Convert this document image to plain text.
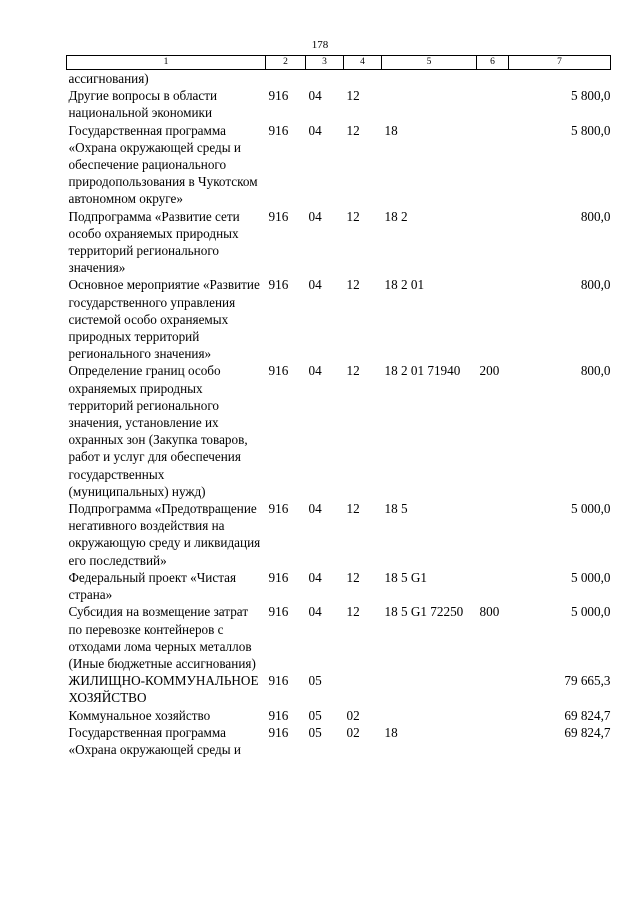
178
1	2	3	4	5	6	7
ассигнования)						
Другие вопросы в области национальной экономики	916	04	12			5 800,0
Государственная программа «Охрана окружающей среды и обеспечение рационального природопользования в Чукотском автономном округе»	916	04	12	18		5 800,0
Подпрограмма «Развитие сети особо охраняемых природных территорий регионального значения»	916	04	12	18 2		800,0
Основное мероприятие «Развитие государственного управления системой особо охраняемых природных территорий регионального значения»	916	04	12	18 2 01		800,0
Определение границ особо охраняемых природных территорий регионального значения, установление их охранных зон (Закупка товаров, работ и услуг для обеспечения государственных (муниципальных) нужд)	916	04	12	18 2 01 71940	200	800,0
Подпрограмма «Предотвращение негативного воздействия на окружающую среду и ликвидация его последствий»	916	04	12	18 5		5 000,0
Федеральный проект «Чистая страна»	916	04	12	18 5 G1		5 000,0
Субсидия на возмещение затрат по перевозке контейнеров с отходами лома черных металлов (Иные бюджетные ассигнования)	916	04	12	18 5 G1 72250	800	5 000,0
ЖИЛИЩНО-КОММУНАЛЬНОЕ ХОЗЯЙСТВО	916	05				79 665,3
Коммунальное хозяйство	916	05	02			69 824,7
Государственная программа «Охрана окружающей среды и	916	05	02	18		69 824,7
